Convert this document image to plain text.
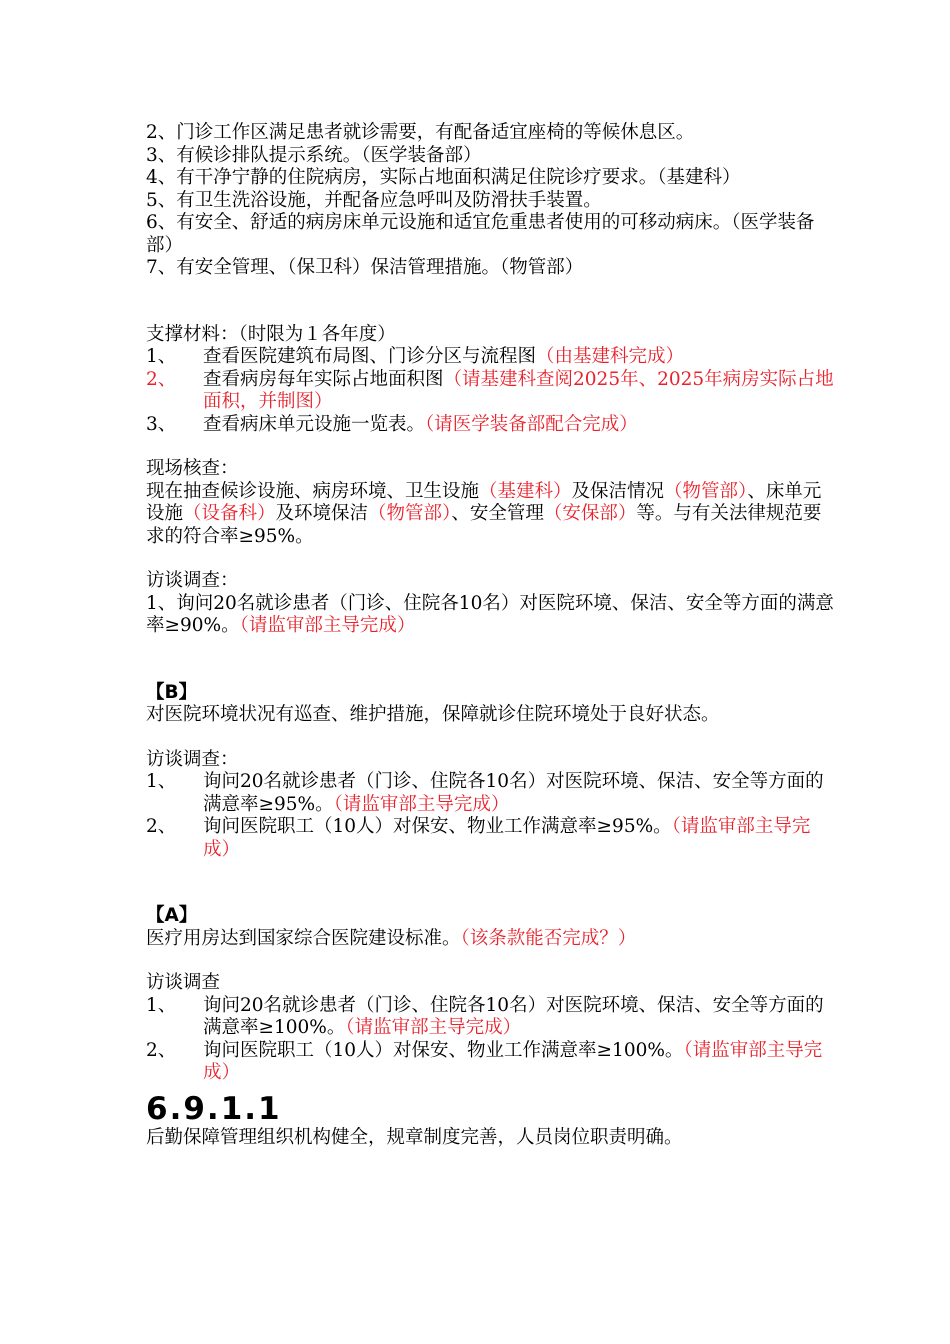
2、门诊工作区满足患者就诊需要，有配备适宜座椅的等候休息区。

3、有候诊排队提示系统。（医学装备部）

4、有干净宁静的住院病房，实际占地面积满足住院诊疗要求。（基建科）

5、有卫生洗浴设施，并配备应急呼叫及防滑扶手装置。

6、有安全、舒适的病房床单元设施和适宜危重患者使用的可移动病床。（医学装备部）

7、有安全管理、（保卫科）保洁管理措施。（物管部）

支撑材料：（时限为１各年度）

1、	查看医院建筑布局图、门诊分区与流程图（由基建科完成）
2、	查看病房每年实际占地面积图（请基建科查阅2025年、2025年病房实际占地面积，并制图）
3、	查看病床单元设施一览表。（请医学装备部配合完成）

现场核查：

现在抽查候诊设施、病房环境、卫生设施（基建科）及保洁情况（物管部）、床单元设施（设备科）及环境保洁（物管部）、安全管理（安保部）等。与有关法律规范要求的符合率≥95%。

访谈调查：

1、询问20名就诊患者（门诊、住院各10名）对医院环境、保洁、安全等方面的满意率≥90%。（请监审部主导完成）

【B】

对医院环境状况有巡查、维护措施，保障就诊住院环境处于良好状态。

访谈调查：

1、	询问20名就诊患者（门诊、住院各10名）对医院环境、保洁、安全等方面的满意率≥95%。（请监审部主导完成）
2、	询问医院职工（10人）对保安、物业工作满意率≥95%。（请监审部主导完成）

【A】

医疗用房达到国家综合医院建设标准。（该条款能否完成？）

访谈调查

1、	询问20名就诊患者（门诊、住院各10名）对医院环境、保洁、安全等方面的满意率≥100%。（请监审部主导完成）
2、	询问医院职工（10人）对保安、物业工作满意率≥100%。（请监审部主导完成）

6.9.1.1

后勤保障管理组织机构健全，规章制度完善，人员岗位职责明确。
